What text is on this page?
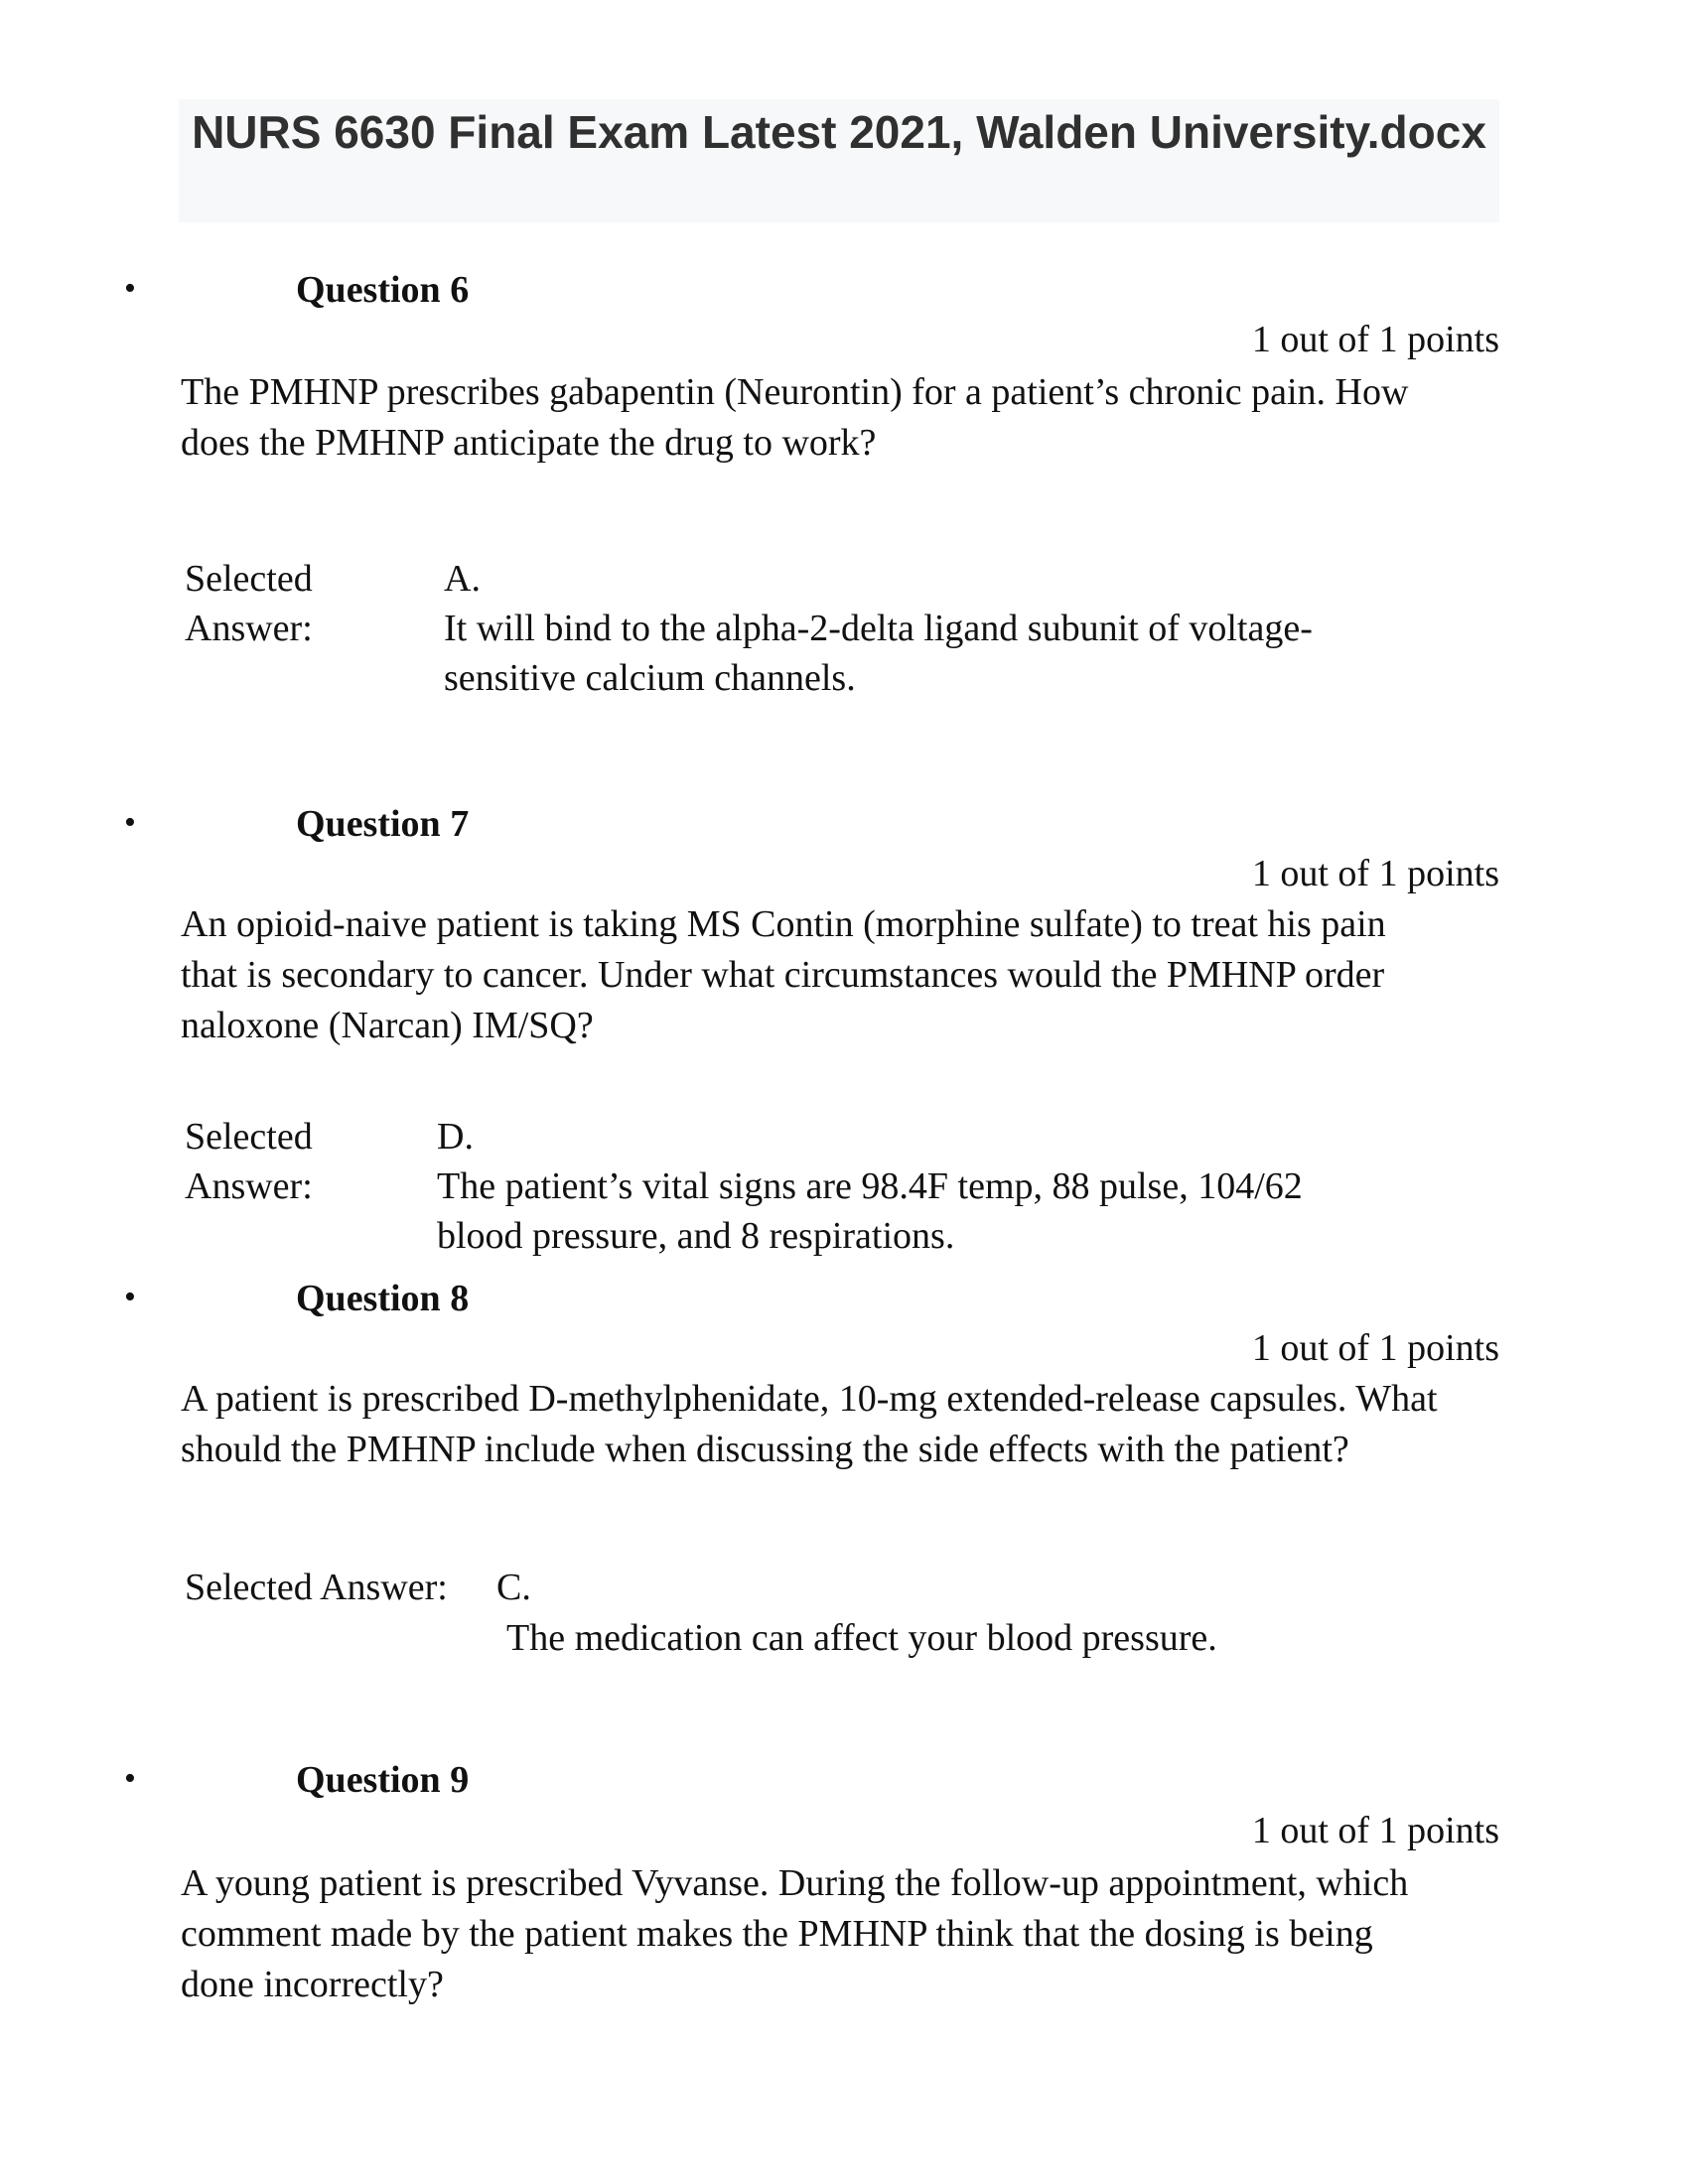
NURS 6630 Final Exam Latest 2021, Walden University.docx
•	Question 6
1 out of 1 points
The PMHNP prescribes gabapentin (Neurontin) for a patient’s chronic pain. How does the PMHNP anticipate the drug to work?
Selected
Answer:
A.
It will bind to the alpha-2-delta ligand subunit of voltage-sensitive calcium channels.
•	Question 7
1 out of 1 points
An opioid-naive patient is taking MS Contin (morphine sulfate) to treat his pain that is secondary to cancer. Under what circumstances would the PMHNP order naloxone (Narcan) IM/SQ?
Selected
Answer:
D.
The patient’s vital signs are 98.4F temp, 88 pulse, 104/62 blood pressure, and 8 respirations.
•	Question 8
1 out of 1 points
A patient is prescribed D-methylphenidate, 10-mg extended-release capsules. What should the PMHNP include when discussing the side effects with the patient?
Selected Answer: C.
The medication can affect your blood pressure.
•	Question 9
1 out of 1 points
A young patient is prescribed Vyvanse. During the follow-up appointment, which comment made by the patient makes the PMHNP think that the dosing is being done incorrectly?
